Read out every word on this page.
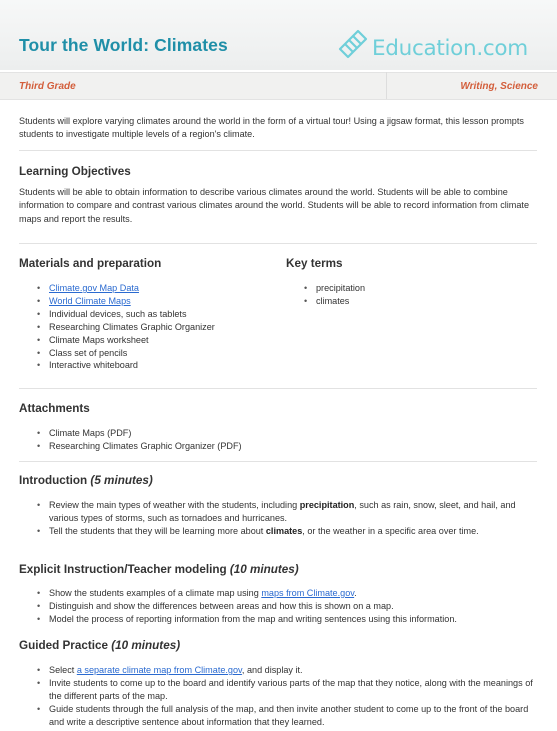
Tour the World: Climates	Education.com
Third Grade	Writing, Science

Students will explore varying climates around the world in the form of a virtual tour! Using a jigsaw format, this lesson prompts students to investigate multiple levels of a region's climate.

Learning Objectives

Students will be able to obtain information to describe various climates around the world. Students will be able to combine information to compare and contrast various climates around the world. Students will be able to record information from climate maps and report the results.

Materials and preparation
• Climate.gov Map Data
• World Climate Maps
• Individual devices, such as tablets
• Researching Climates Graphic Organizer
• Climate Maps worksheet
• Class set of pencils
• Interactive whiteboard
Key terms
• precipitation
• climates
Attachments
• Climate Maps (PDF)
• Researching Climates Graphic Organizer (PDF)
Introduction (5 minutes)
• Review the main types of weather with the students, including precipitation, such as rain, snow, sleet, and hail, and various types of storms, such as tornadoes and hurricanes.
• Tell the students that they will be learning more about climates, or the weather in a specific area over time.
Explicit Instruction/Teacher modeling (10 minutes)
• Show the students examples of a climate map using maps from Climate.gov.
• Distinguish and show the differences between areas and how this is shown on a map.
• Model the process of reporting information from the map and writing sentences using this information.
Guided Practice (10 minutes)
• Select a separate climate map from Climate.gov, and display it.
• Invite students to come up to the board and identify various parts of the map that they notice, along with the meanings of the different parts of the map.
• Guide students through the full analysis of the map, and then invite another student to come up to the front of the board and write a descriptive sentence about information that they learned.
